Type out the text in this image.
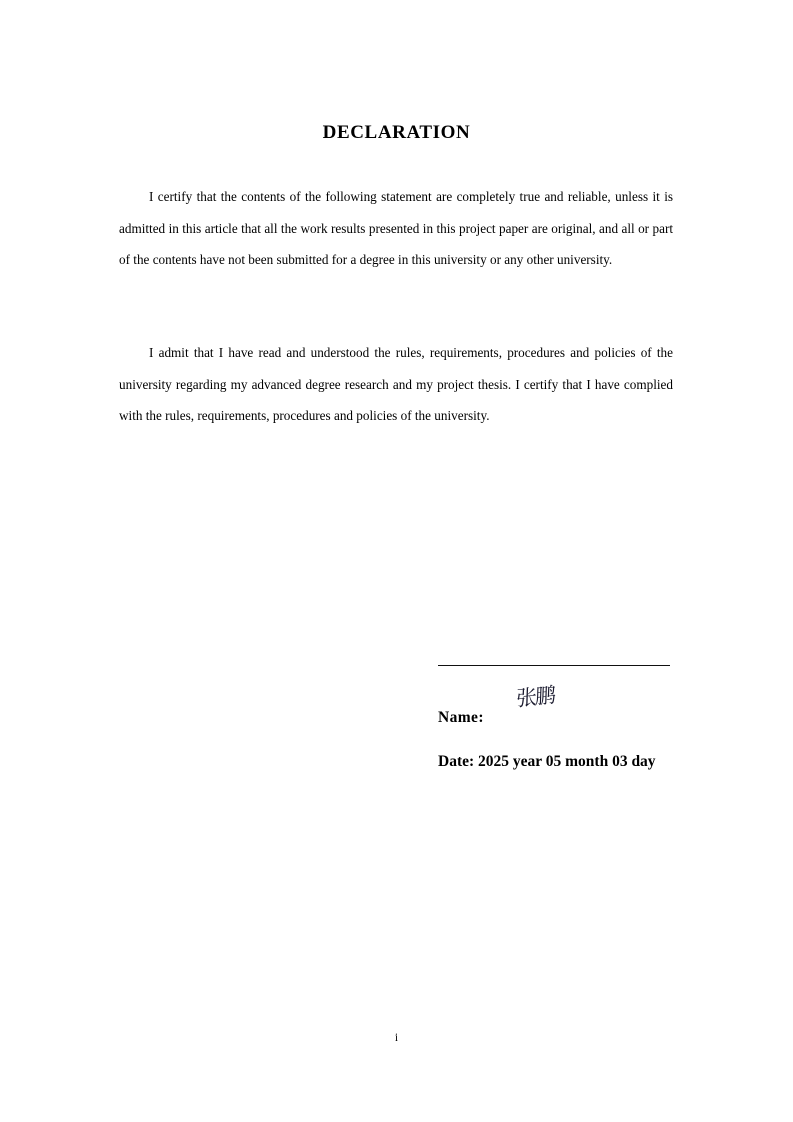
DECLARATION

I certify that the contents of the following statement are completely true and reliable, unless it is admitted in this article that all the work results presented in this project paper are original, and all or part of the contents have not been submitted for a degree in this university or any other university.

I admit that I have read and understood the rules, requirements, procedures and policies of the university regarding my advanced degree research and my project thesis. I certify that I have complied with the rules, requirements, procedures and policies of the university.

Name:
张鹏
Date: 2025 year 05 month 03 day
i
